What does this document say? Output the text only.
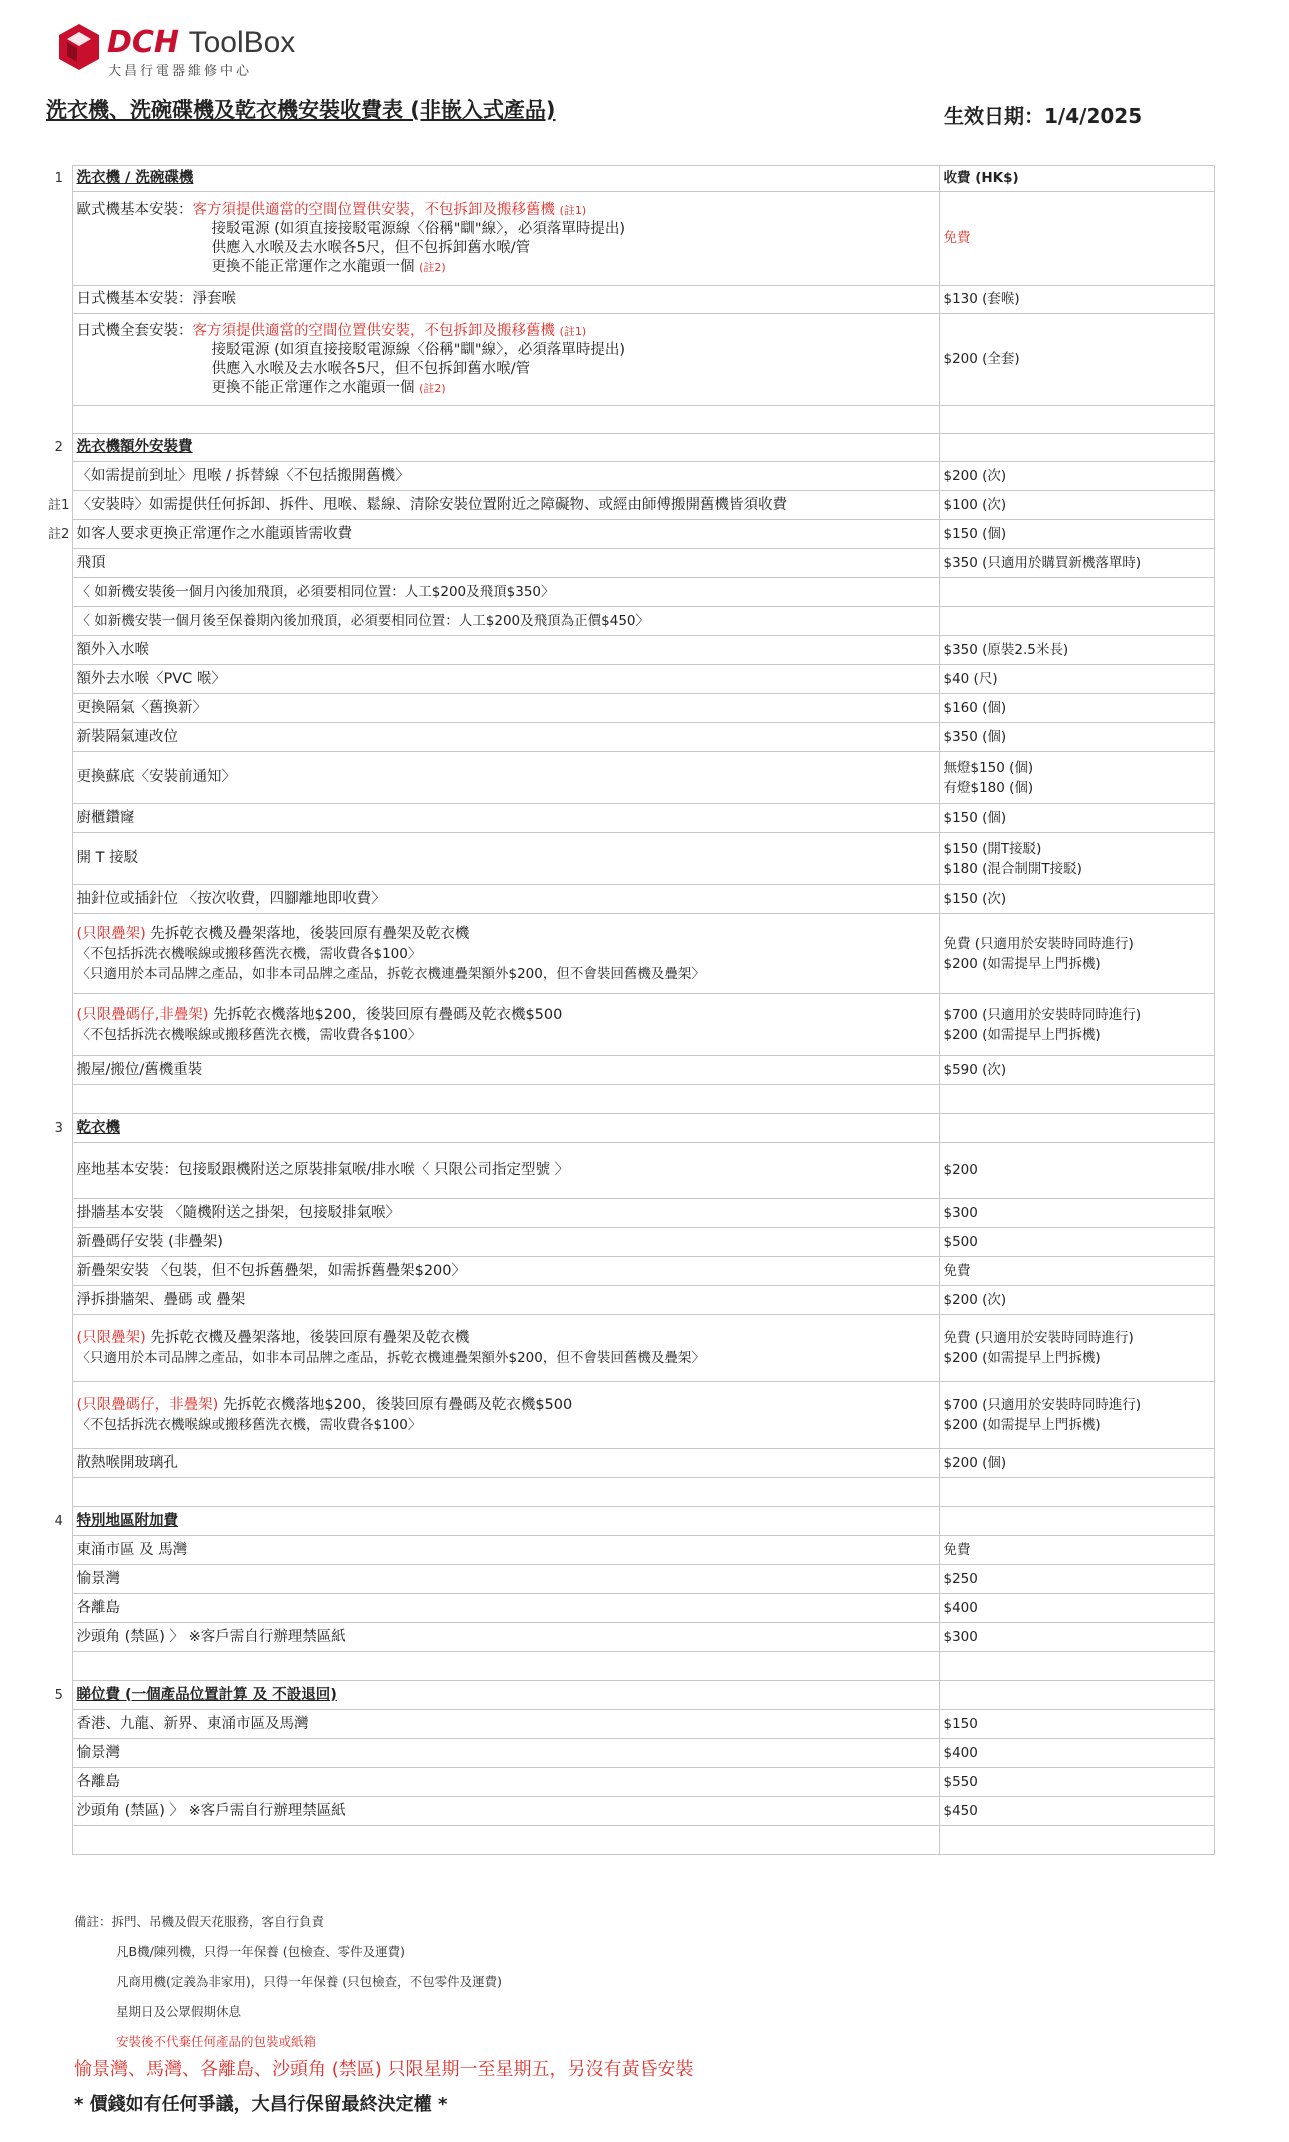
DCH ToolBox
大昌行電器維修中心
洗衣機、洗碗碟機及乾衣機安裝收費表 (非嵌入式產品)	生效日期：1/4/2025
1	洗衣機 / 洗碗碟機	收費 (HK$)
	歐式機基本安裝：客方須提供適當的空間位置供安裝，不包拆卸及搬移舊機 (註1)
接駁電源 (如須直接接駁電源線〈俗稱"瞓"線〉，必須落單時提出)
供應入水喉及去水喉各5尺，但不包拆卸舊水喉/管
更換不能正常運作之水龍頭一個 (註2)	免費
	日式機基本安裝：淨套喉	$130 (套喉)
	日式機全套安裝：客方須提供適當的空間位置供安裝，不包拆卸及搬移舊機 (註1)
接駁電源 (如須直接接駁電源線〈俗稱"瞓"線〉，必須落單時提出)
供應入水喉及去水喉各5尺，但不包拆卸舊水喉/管
更換不能正常運作之水龍頭一個 (註2)	$200 (全套)

2	洗衣機額外安裝費	
	〈如需提前到址〉甩喉 / 拆替線〈不包括搬開舊機〉	$200 (次)
註1	〈安裝時〉如需提供任何拆卸、拆件、甩喉、鬆線、清除安裝位置附近之障礙物、或經由師傅搬開舊機皆須收費	$100 (次)
註2	如客人要求更換正常運作之水龍頭皆需收費	$150 (個)
	飛頂	$350 (只適用於購買新機落單時)
	〈 如新機安裝後一個月內後加飛頂，必須要相同位置：人工$200及飛頂$350〉	
	〈 如新機安裝一個月後至保養期內後加飛頂，必須要相同位置：人工$200及飛頂為正價$450〉	
	額外入水喉	$350 (原裝2.5米長)
	額外去水喉〈PVC 喉〉	$40 (尺)
	更換隔氣〈舊換新〉	$160 (個)
	新裝隔氣連改位	$350 (個)
	更換蘇底〈安裝前通知〉	無燈$150 (個)
有燈$180 (個)
	廚櫃鑽窿	$150 (個)
	開 T 接駁	$150 (開T接駁)
$180 (混合制開T接駁)
	抽針位或插針位 〈按次收費，四腳離地即收費〉	$150 (次)
	(只限疊架) 先拆乾衣機及疊架落地，後裝回原有疊架及乾衣機
〈不包括拆洗衣機喉線或搬移舊洗衣機，需收費各$100〉
〈只適用於本司品牌之產品，如非本司品牌之產品，拆乾衣機連疊架額外$200，但不會裝回舊機及疊架〉	免費 (只適用於安裝時同時進行)
$200 (如需提早上門拆機)
	(只限疊碼仔,非疊架) 先拆乾衣機落地$200，後裝回原有疊碼及乾衣機$500
〈不包括拆洗衣機喉線或搬移舊洗衣機，需收費各$100〉	$700 (只適用於安裝時同時進行)
$200 (如需提早上門拆機)
	搬屋/搬位/舊機重裝	$590 (次)

3	乾衣機	
	座地基本安裝：包接駁跟機附送之原裝排氣喉/排水喉〈 只限公司指定型號 〉	$200
	掛牆基本安裝 〈隨機附送之掛架，包接駁排氣喉〉	$300
	新疊碼仔安裝 (非疊架)	$500
	新疊架安裝 〈包裝，但不包拆舊疊架，如需拆舊疊架$200〉	免費
	淨拆掛牆架、疊碼 或 疊架	$200 (次)
	(只限疊架) 先拆乾衣機及疊架落地，後裝回原有疊架及乾衣機
〈只適用於本司品牌之產品，如非本司品牌之產品，拆乾衣機連疊架額外$200，但不會裝回舊機及疊架〉	免費 (只適用於安裝時同時進行)
$200 (如需提早上門拆機)
	(只限疊碼仔，非疊架) 先拆乾衣機落地$200，後裝回原有疊碼及乾衣機$500
〈不包括拆洗衣機喉線或搬移舊洗衣機，需收費各$100〉	$700 (只適用於安裝時同時進行)
$200 (如需提早上門拆機)
	散熱喉開玻璃孔	$200 (個)

4	特別地區附加費	
	東涌市區 及 馬灣	免費
	愉景灣	$250
	各離島	$400
	沙頭角 (禁區) 〉 ※客戶需自行辦理禁區紙	$300

5	睇位費 (一個產品位置計算 及 不設退回)	
	香港、九龍、新界、東涌市區及馬灣	$150
	愉景灣	$400
	各離島	$550
	沙頭角 (禁區) 〉 ※客戶需自行辦理禁區紙	$450

備註：拆門、吊機及假天花服務，客自行負責
凡B機/陳列機，只得一年保養 (包檢查、零件及運費)
凡商用機(定義為非家用)，只得一年保養 (只包檢查，不包零件及運費)
星期日及公眾假期休息
安裝後不代棄任何產品的包裝或紙箱
愉景灣、馬灣、各離島、沙頭角 (禁區) 只限星期一至星期五，另沒有黃昏安裝
* 價錢如有任何爭議，大昌行保留最終決定權 *
